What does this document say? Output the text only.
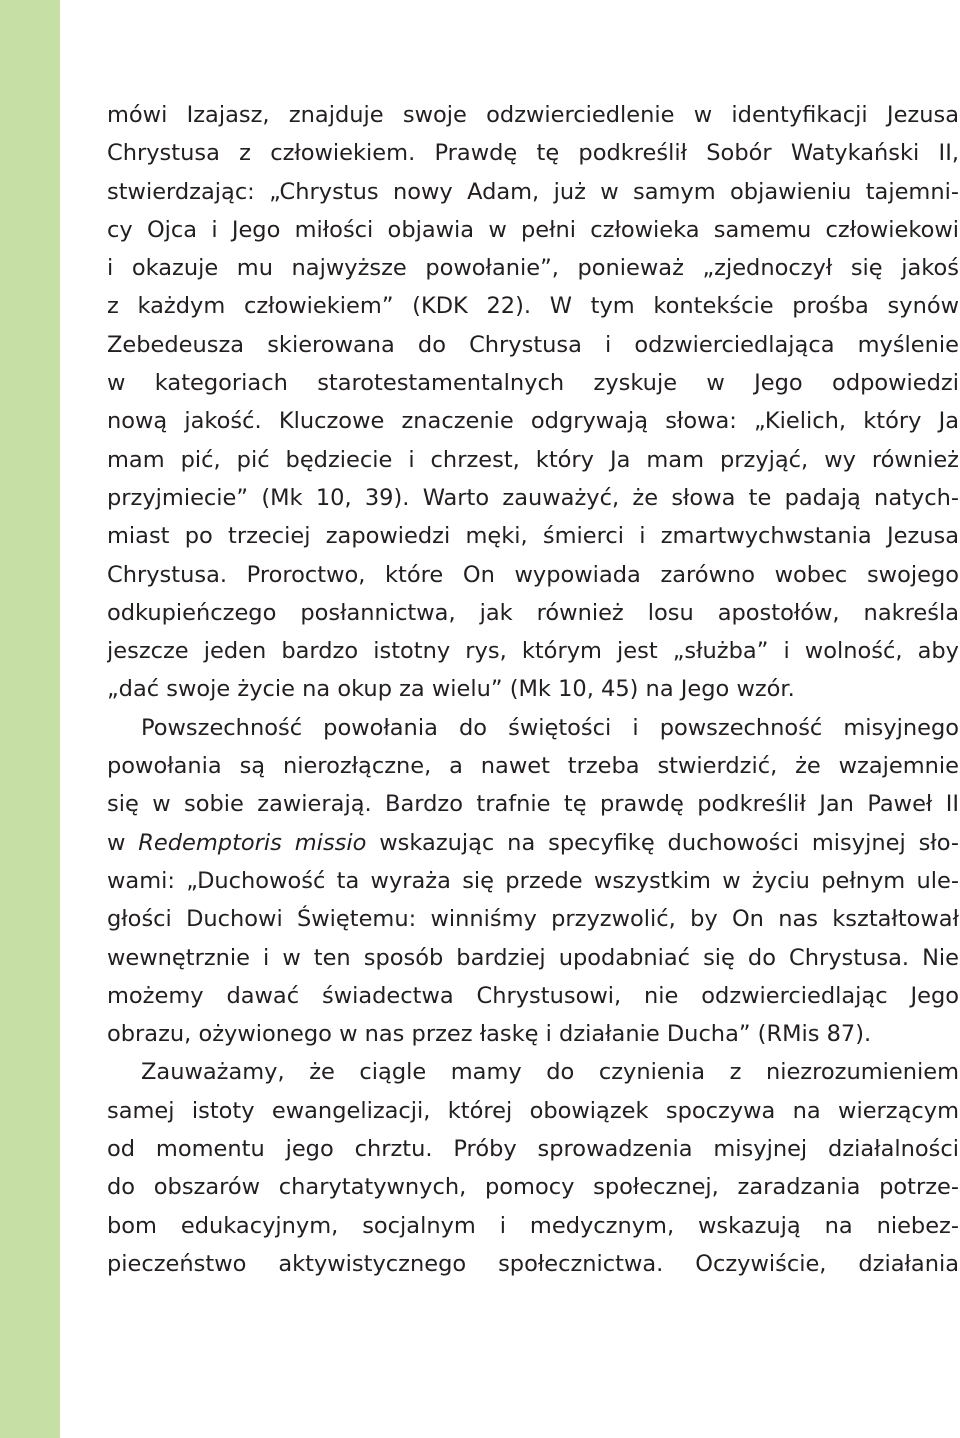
mówi Izajasz, znajduje swoje odzwierciedlenie w identyfikacji Jezusa
Chrystusa z człowiekiem. Prawdę tę podkreślił Sobór Watykański II,
stwierdzając: „Chrystus nowy Adam, już w samym objawieniu tajemni-
cy Ojca i Jego miłości objawia w pełni człowieka samemu człowiekowi
i okazuje mu najwyższe powołanie”, ponieważ „zjednoczył się jakoś
z każdym człowiekiem” (KDK 22). W tym kontekście prośba synów
Zebedeusza skierowana do Chrystusa i odzwierciedlająca myślenie
w kategoriach starotestamentalnych zyskuje w Jego odpowiedzi
nową jakość. Kluczowe znaczenie odgrywają słowa: „Kielich, który Ja
mam pić, pić będziecie i chrzest, który Ja mam przyjąć, wy również
przyjmiecie” (Mk 10, 39). Warto zauważyć, że słowa te padają natych-
miast po trzeciej zapowiedzi męki, śmierci i zmartwychwstania Jezusa
Chrystusa. Proroctwo, które On wypowiada zarówno wobec swojego
odkupieńczego posłannictwa, jak również losu apostołów, nakreśla
jeszcze jeden bardzo istotny rys, którym jest „służba” i wolność, aby
„dać swoje życie na okup za wielu” (Mk 10, 45) na Jego wzór.
Powszechność powołania do świętości i powszechność misyjnego
powołania są nierozłączne, a nawet trzeba stwierdzić, że wzajemnie
się w sobie zawierają. Bardzo trafnie tę prawdę podkreślił Jan Paweł II
w Redemptoris missio wskazując na specyfikę duchowości misyjnej sło-
wami: „Duchowość ta wyraża się przede wszystkim w życiu pełnym ule-
głości Duchowi Świętemu: winniśmy przyzwolić, by On nas kształtował
wewnętrznie i w ten sposób bardziej upodabniać się do Chrystusa. Nie
możemy dawać świadectwa Chrystusowi, nie odzwierciedlając Jego
obrazu, ożywionego w nas przez łaskę i działanie Ducha” (RMis 87).
Zauważamy, że ciągle mamy do czynienia z niezrozumieniem
samej istoty ewangelizacji, której obowiązek spoczywa na wierzącym
od momentu jego chrztu. Próby sprowadzenia misyjnej działalności
do obszarów charytatywnych, pomocy społecznej, zaradzania potrze-
bom edukacyjnym, socjalnym i medycznym, wskazują na niebez-
pieczeństwo aktywistycznego społecznictwa. Oczywiście, działania
